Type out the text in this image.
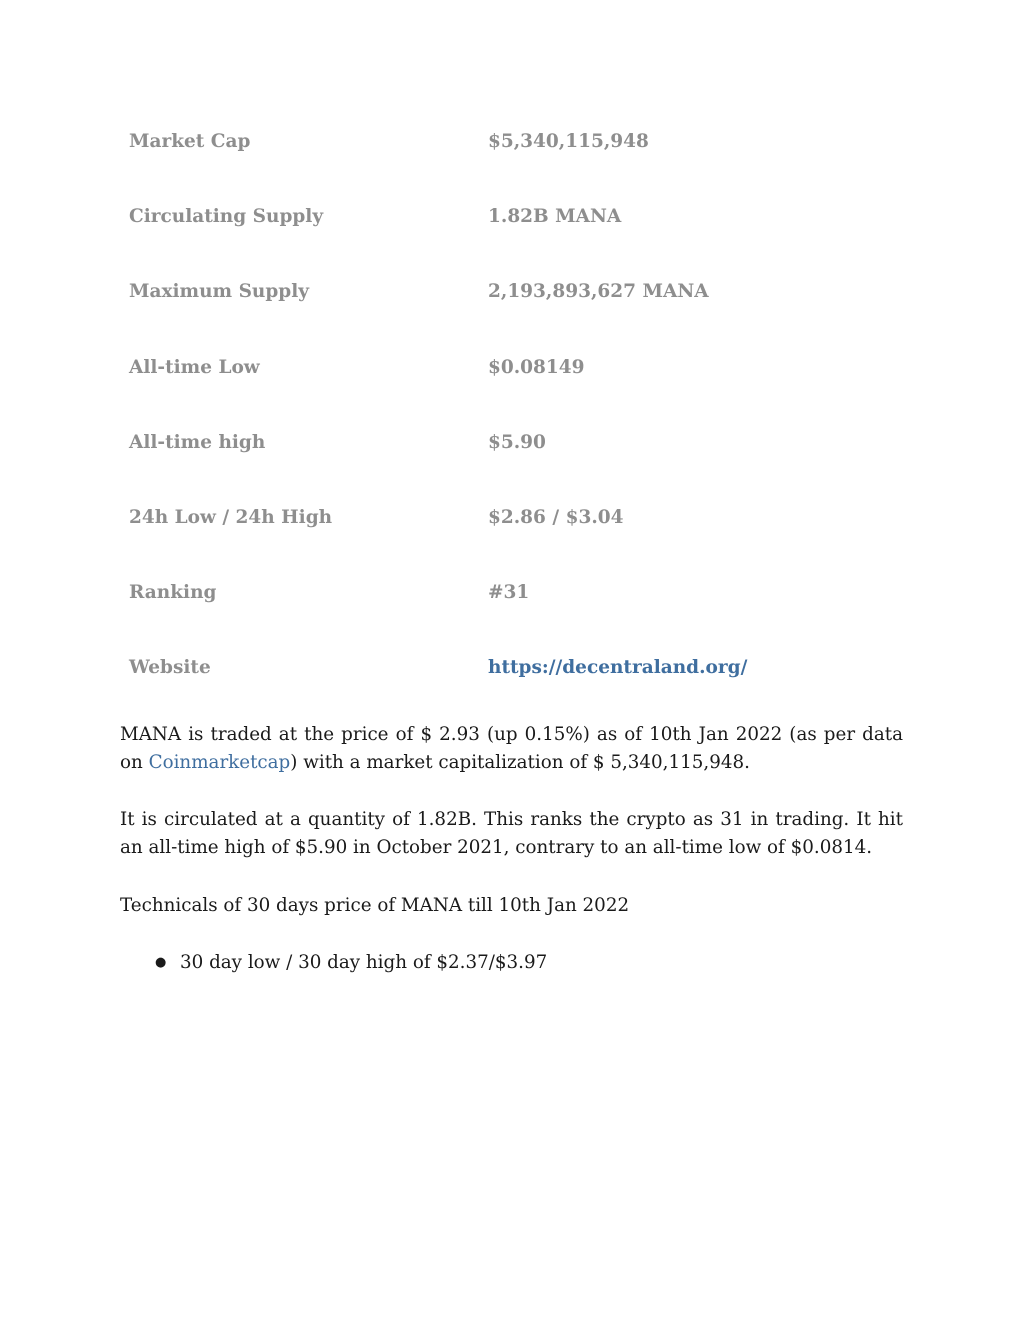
Market Cap	$5,340,115,948
Circulating Supply	1.82B MANA
Maximum Supply	2,193,893,627 MANA
All-time Low	$0.08149
All-time high	$5.90
24h Low / 24h High	$2.86 / $3.04
Ranking	#31
Website	https://decentraland.org/

MANA is traded at the price of $ 2.93 (up 0.15%) as of 10th Jan 2022 (as per data on Coinmarketcap) with a market capitalization of $ 5,340,115,948.

It is circulated at a quantity of 1.82B. This ranks the crypto as 31 in trading. It hit an all-time high of $5.90 in October 2021, contrary to an all-time low of $0.0814.

Technicals of 30 days price of MANA till 10th Jan 2022

● 30 day low / 30 day high of $2.37/$3.97
